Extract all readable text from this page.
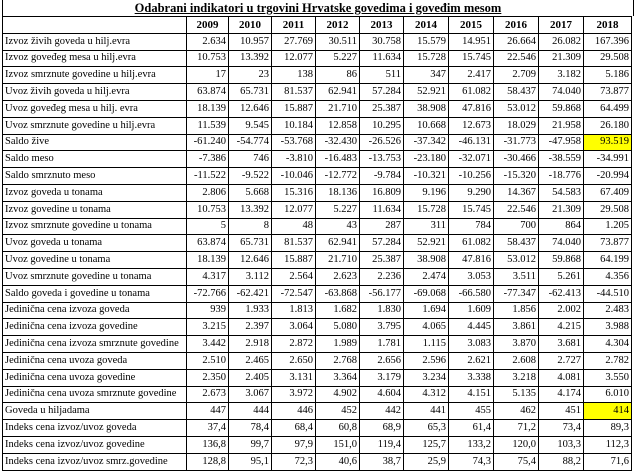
Odabrani indikatori u trgovini Hrvatske govedima i goveđim mesom
	2009	2010	2011	2012	2013	2014	2015	2016	2017	2018
Izvoz živih goveda u hilj.evra	2.634	10.957	27.769	30.511	30.758	15.579	14.951	26.664	26.082	167.396
Izvoz goveđeg mesa u hilj.evra	10.753	13.392	12.077	5.227	11.634	15.728	15.745	22.546	21.309	29.508
Izvoz smrznute govedine u hilj.evra	17	23	138	86	511	347	2.417	2.709	3.182	5.186
Uvoz živih goveda u hilj.evra	63.874	65.731	81.537	62.941	57.284	52.921	61.082	58.437	74.040	73.877
Uvoz goveđeg mesa u hilj. evra	18.139	12.646	15.887	21.710	25.387	38.908	47.816	53.012	59.868	64.499
Uvoz smrznute govedine u hilj.evra	11.539	9.545	10.184	12.858	10.295	10.668	12.673	18.029	21.958	26.180
Saldo žive	-61.240	-54.774	-53.768	-32.430	-26.526	-37.342	-46.131	-31.773	-47.958	93.519
Saldo meso	-7.386	746	-3.810	-16.483	-13.753	-23.180	-32.071	-30.466	-38.559	-34.991
Saldo smrznuto meso	-11.522	-9.522	-10.046	-12.772	-9.784	-10.321	-10.256	-15.320	-18.776	-20.994
Izvoz goveda u tonama	2.806	5.668	15.316	18.136	16.809	9.196	9.290	14.367	54.583	67.409
Izvoz govedine u tonama	10.753	13.392	12.077	5.227	11.634	15.728	15.745	22.546	21.309	29.508
Izvoz smrznute govedine u tonama	5	8	48	43	287	311	784	700	864	1.205
Uvoz goveda u tonama	63.874	65.731	81.537	62.941	57.284	52.921	61.082	58.437	74.040	73.877
Uvoz govedine u tonama	18.139	12.646	15.887	21.710	25.387	38.908	47.816	53.012	59.868	64.199
Uvoz smrznute govedine u tonama	4.317	3.112	2.564	2.623	2.236	2.474	3.053	3.511	5.261	4.356
Saldo goveda i govedine u tonama	-72.766	-62.421	-72.547	-63.868	-56.177	-69.068	-66.580	-77.347	-62.413	-44.510
Jedinična cena izvoza goveda	939	1.933	1.813	1.682	1.830	1.694	1.609	1.856	2.002	2.483
Jedinična cena izvoza govedine	3.215	2.397	3.064	5.080	3.795	4.065	4.445	3.861	4.215	3.988
Jedinična cena izvoza smrznute govedine	3.442	2.918	2.872	1.989	1.781	1.115	3.083	3.870	3.681	4.304
Jedinična cena uvoza goveda	2.510	2.465	2.650	2.768	2.656	2.596	2.621	2.608	2.727	2.782
Jedinična cena uvoza govedine	2.350	2.405	3.131	3.364	3.179	3.234	3.338	3.218	4.081	3.550
Jedinična cena uvoza smrznute govedine	2.673	3.067	3.972	4.902	4.604	4.312	4.151	5.135	4.174	6.010
Goveda u hiljadama	447	444	446	452	442	441	455	462	451	414
Indeks cena izvoz/uvoz goveda	37,4	78,4	68,4	60,8	68,9	65,3	61,4	71,2	73,4	89,3
Indeks cena izvoz/uvoz govedine	136,8	99,7	97,9	151,0	119,4	125,7	133,2	120,0	103,3	112,3
Indeks cena izvoz/uvoz smrz.govedine	128,8	95,1	72,3	40,6	38,7	25,9	74,3	75,4	88,2	71,6
